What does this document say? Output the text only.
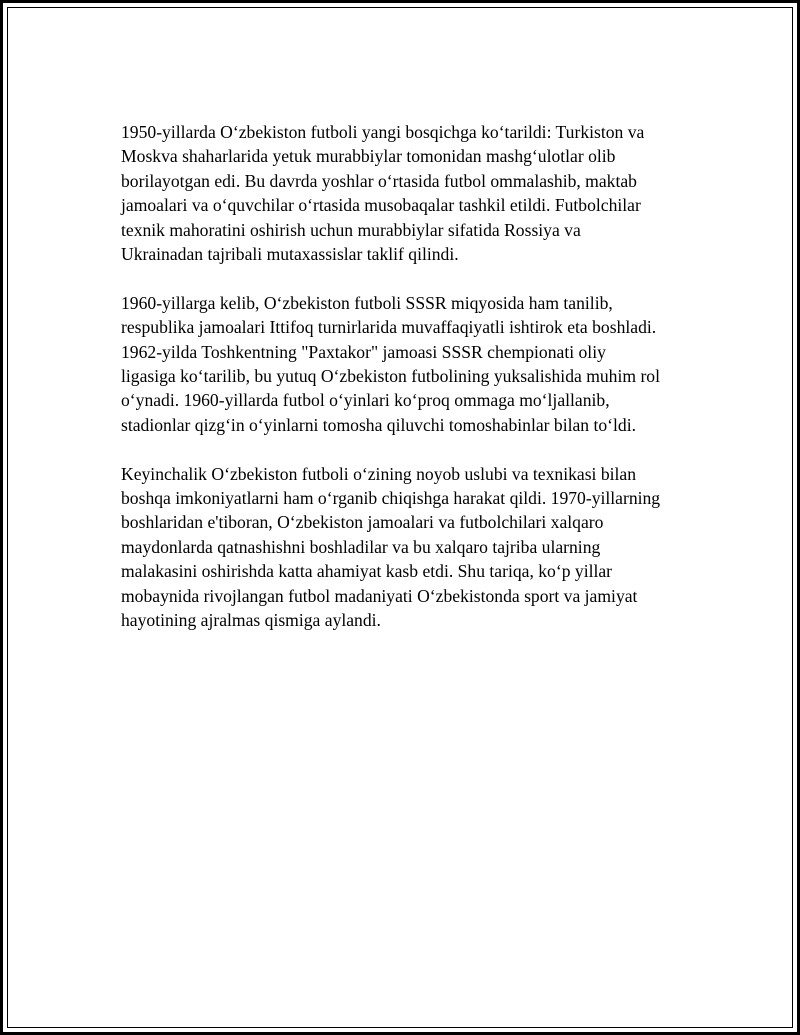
1950-yillarda O‘zbekiston futboli yangi bosqichga ko‘tarildi: Turkiston va
Moskva shaharlarida yetuk murabbiylar tomonidan mashg‘ulotlar olib
borilayotgan edi. Bu davrda yoshlar o‘rtasida futbol ommalashib, maktab
jamoalari va o‘quvchilar o‘rtasida musobaqalar tashkil etildi. Futbolchilar
texnik mahoratini oshirish uchun murabbiylar sifatida Rossiya va
Ukrainadan tajribali mutaxassislar taklif qilindi.

1960-yillarga kelib, O‘zbekiston futboli SSSR miqyosida ham tanilib,
respublika jamoalari Ittifoq turnirlarida muvaffaqiyatli ishtirok eta boshladi.
1962-yilda Toshkentning "Paxtakor" jamoasi SSSR chempionati oliy
ligasiga ko‘tarilib, bu yutuq O‘zbekiston futbolining yuksalishida muhim rol
o‘ynadi. 1960-yillarda futbol o‘yinlari ko‘proq ommaga mo‘ljallanib,
stadionlar qizg‘in o‘yinlarni tomosha qiluvchi tomoshabinlar bilan to‘ldi.

Keyinchalik O‘zbekiston futboli o‘zining noyob uslubi va texnikasi bilan
boshqa imkoniyatlarni ham o‘rganib chiqishga harakat qildi. 1970-yillarning
boshlaridan e'tiboran, O‘zbekiston jamoalari va futbolchilari xalqaro
maydonlarda qatnashishni boshladilar va bu xalqaro tajriba ularning
malakasini oshirishda katta ahamiyat kasb etdi. Shu tariqa, ko‘p yillar
mobaynida rivojlangan futbol madaniyati O‘zbekistonda sport va jamiyat
hayotining ajralmas qismiga aylandi.
